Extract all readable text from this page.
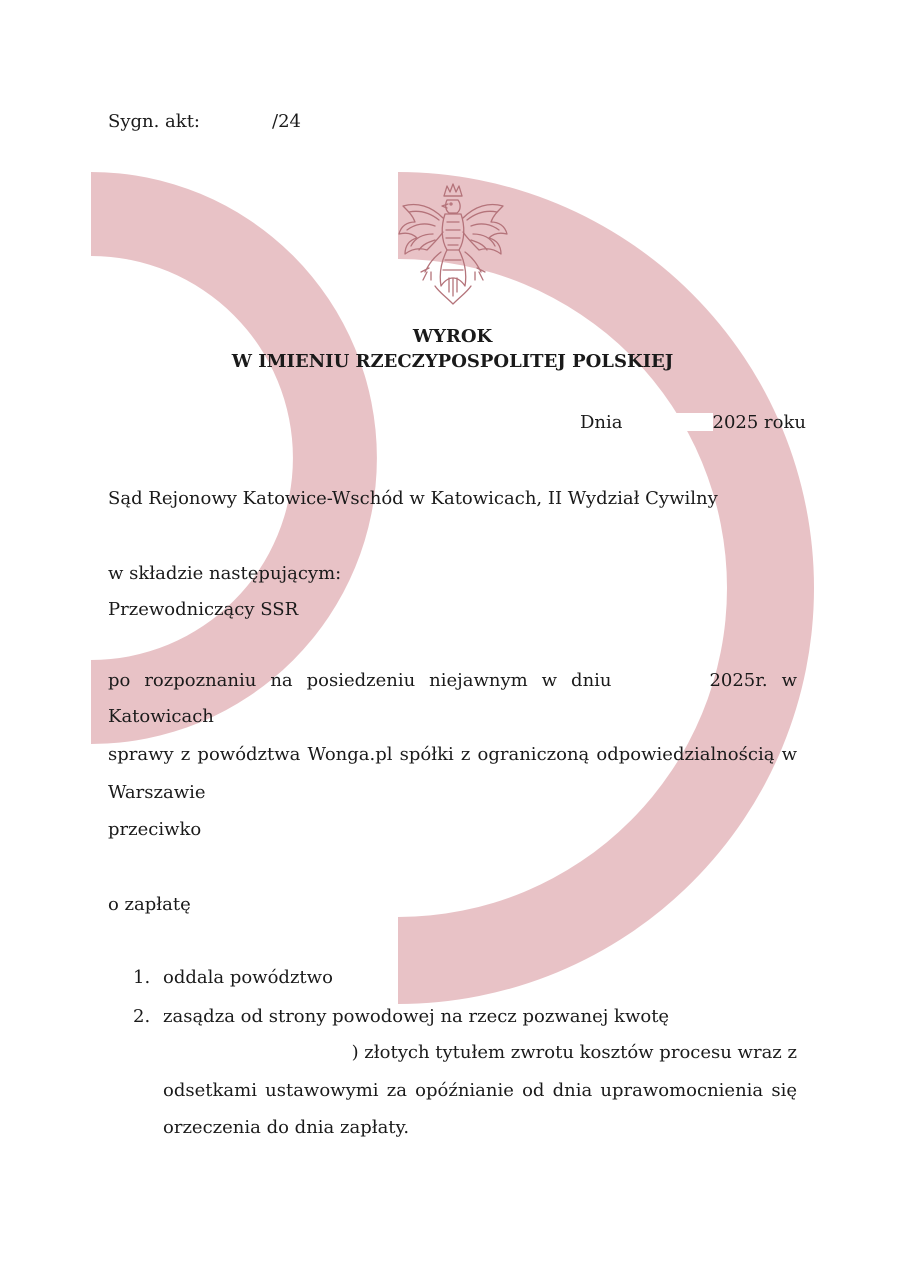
Sygn. akt:	/24
WYROK
W IMIENIU RZECZYPOSPOLITEJ POLSKIEJ
Dnia	2025 roku
Sąd Rejonowy Katowice-Wschód w Katowicach, II Wydział Cywilny
w składzie następującym:
Przewodniczący SSR
po rozpoznaniu na posiedzeniu niejawnym w dniu	2025r. w
Katowicach
sprawy z powództwa Wonga.pl spółki z ograniczoną odpowiedzialnością w
Warszawie
przeciwko
o zapłatę
1. oddala powództwo
2. zasądza od strony powodowej na rzecz pozwanej kwotę
) złotych tytułem zwrotu kosztów procesu wraz z
odsetkami ustawowymi za opóźnianie od dnia uprawomocnienia się
orzeczenia do dnia zapłaty.
